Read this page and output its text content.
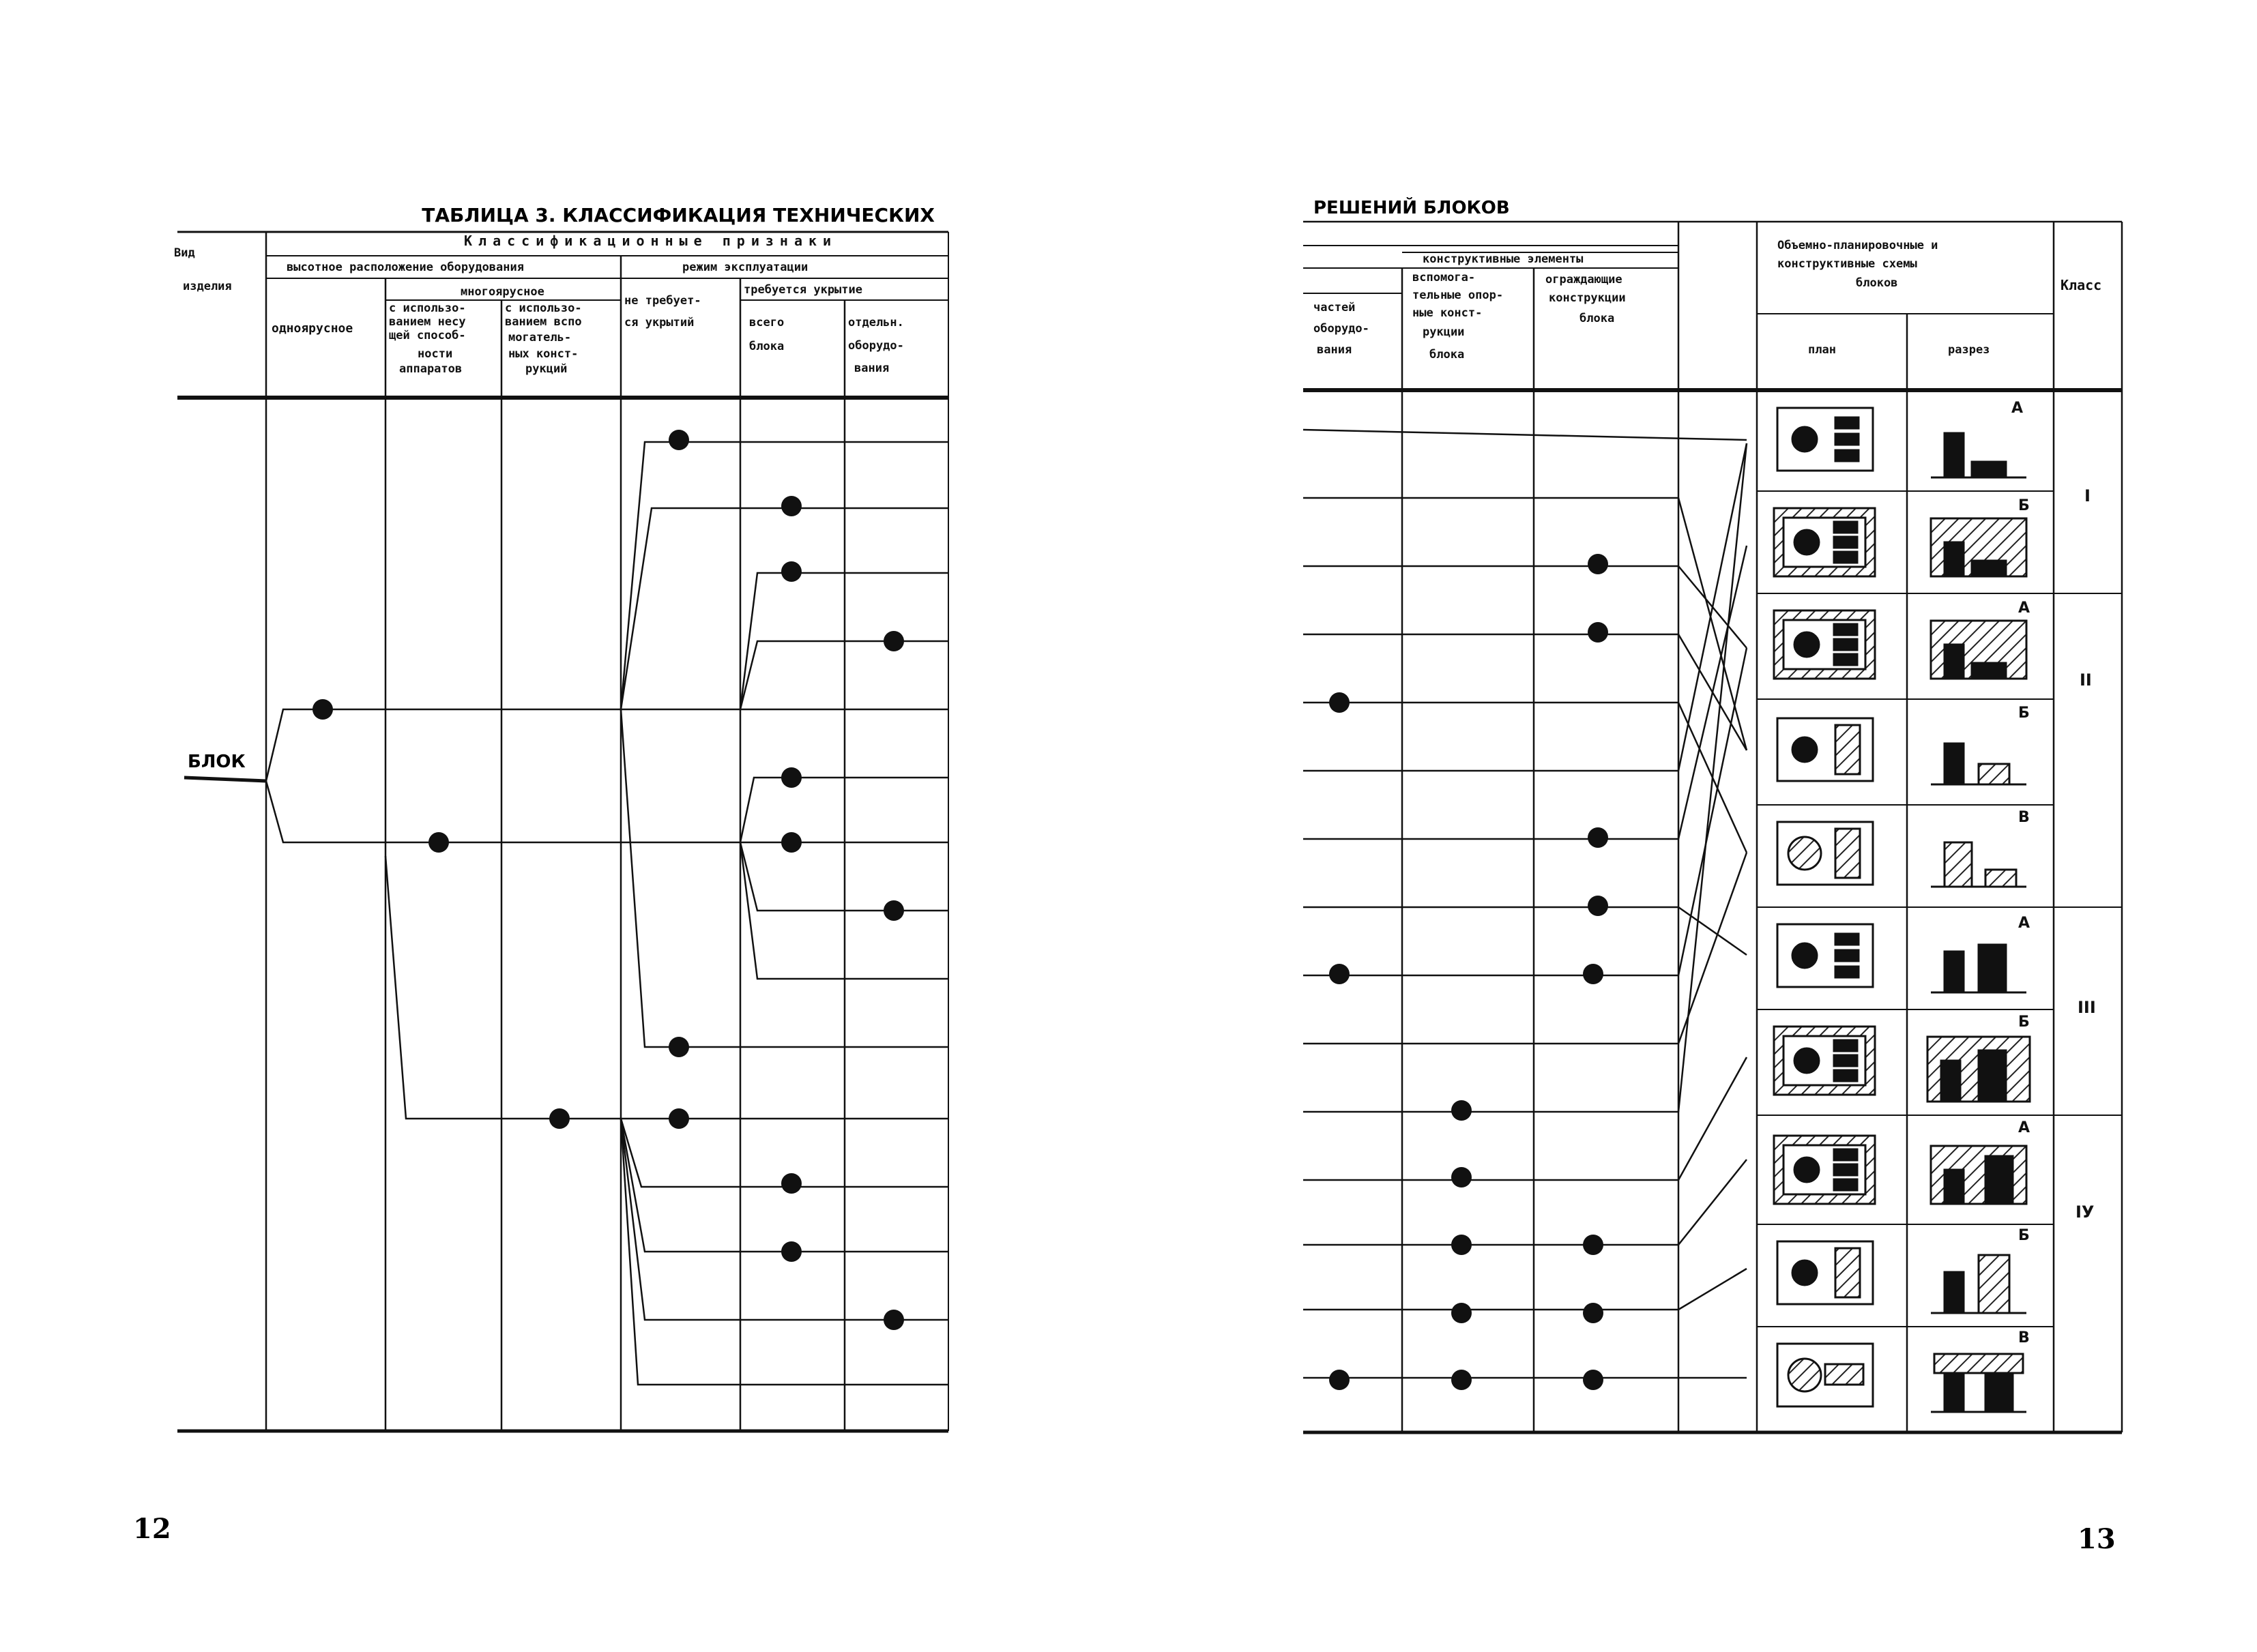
ТАБЛИЦА 3. КЛАССИФИКАЦИЯ ТЕХНИЧЕСКИХ
Вид
изделия
Классификационные признаки
высотное расположение оборудования	режим эксплуатации
одноярусное
многоярусное
с использо-
ванием несу
щей способ-
ности
аппаратов
с использо-
ванием вспо
могатель-
ных конст-
рукций
не требует-
ся укрытий
требуется укрытие
всего
блока
отдельн.
оборудо-
вания
БЛОК
12
РЕШЕНИЙ БЛОКОВ
конструктивные элементы
частей
оборудо-
вания
вспомога-
тельные опор-
ные конст-
рукции
блока
ограждающие
конструкции
блока
Объемно-планировочные и
конструктивные схемы
блоков
план	разрез
Класс
А
Б
А
Б
В
А
Б
А
Б
В
I
II
III
IУ
13
